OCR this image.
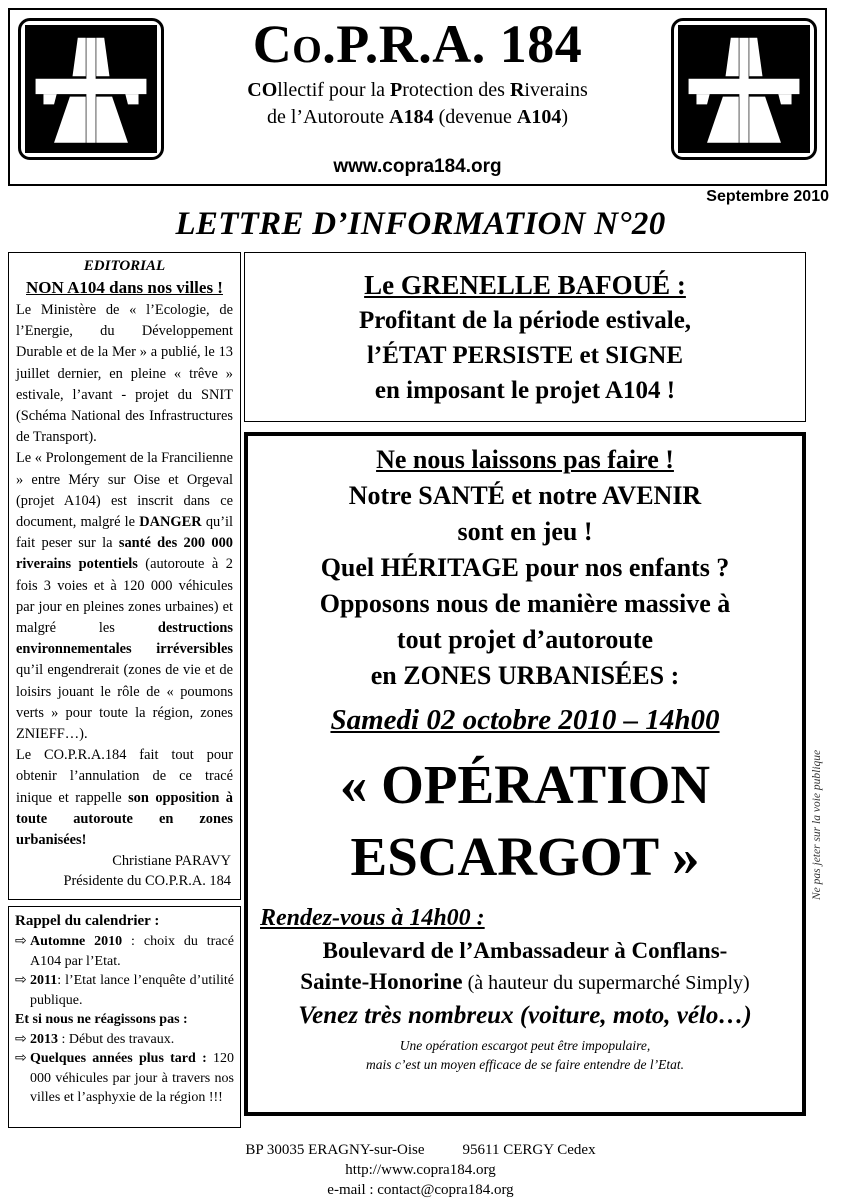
Co.P.R.A. 184
COllectif pour la Protection des Riverains
de l’Autoroute A184 (devenue A104)
www.copra184.org
Septembre 2010
LETTRE D’INFORMATION N°20
EDITORIAL
NON A104 dans nos villes !

Le Ministère de « l’Ecologie, de l’Energie, du Développement Durable et de la Mer » a publié, le 13 juillet dernier, en pleine « trêve » estivale, l’avant - projet du SNIT (Schéma National des Infrastructures de Transport).

Le « Prolongement de la Francilienne » entre Méry sur Oise et Orgeval (projet A104) est inscrit dans ce document, malgré le DANGER qu’il fait peser sur la santé des 200 000 riverains potentiels (autoroute à 2 fois 3 voies et à 120 000 véhicules par jour en pleines zones urbaines) et malgré les destructions environnementales irréversibles qu’il engendrerait (zones de vie et de loisirs jouant le rôle de « poumons verts » pour toute la région, zones ZNIEFF…).

Le CO.P.R.A.184 fait tout pour obtenir l’annulation de ce tracé inique et rappelle son opposition à toute autoroute en zones urbanisées!

Christiane PARAVY
Présidente du CO.P.R.A. 184
Rappel du calendrier :
⇨ Automne 2010 : choix du tracé A104 par l’Etat.
⇨ 2011: l’Etat lance l’enquête d’utilité publique.
Et si nous ne réagissons pas :
⇨ 2013 : Début des travaux.
⇨ Quelques années plus tard : 120 000 véhicules par jour à travers nos villes et l’asphyxie de la région !!!
Le GRENELLE BAFOUÉ :
Profitant de la période estivale,
l’ÉTAT PERSISTE et SIGNE
en imposant le projet A104 !
Ne nous laissons pas faire !
Notre SANTÉ et notre AVENIR
sont en jeu !
Quel HÉRITAGE pour nos enfants ?
Opposons nous de manière massive à
tout projet d’autoroute
en ZONES URBANISÉES :
Samedi 02 octobre 2010 – 14h00
« OPÉRATION
ESCARGOT »
Rendez-vous à 14h00 :
Boulevard de l’Ambassadeur à Conflans-
Sainte-Honorine (à hauteur du supermarché Simply)
Venez très nombreux (voiture, moto, vélo…)
Une opération escargot peut être impopulaire,
mais c’est un moyen efficace de se faire entendre de l’Etat.
Ne pas jeter sur la voie publique
BP 30035 ERAGNY-sur-Oise	95611 CERGY Cedex
http://www.copra184.org
e-mail : contact@copra184.org
